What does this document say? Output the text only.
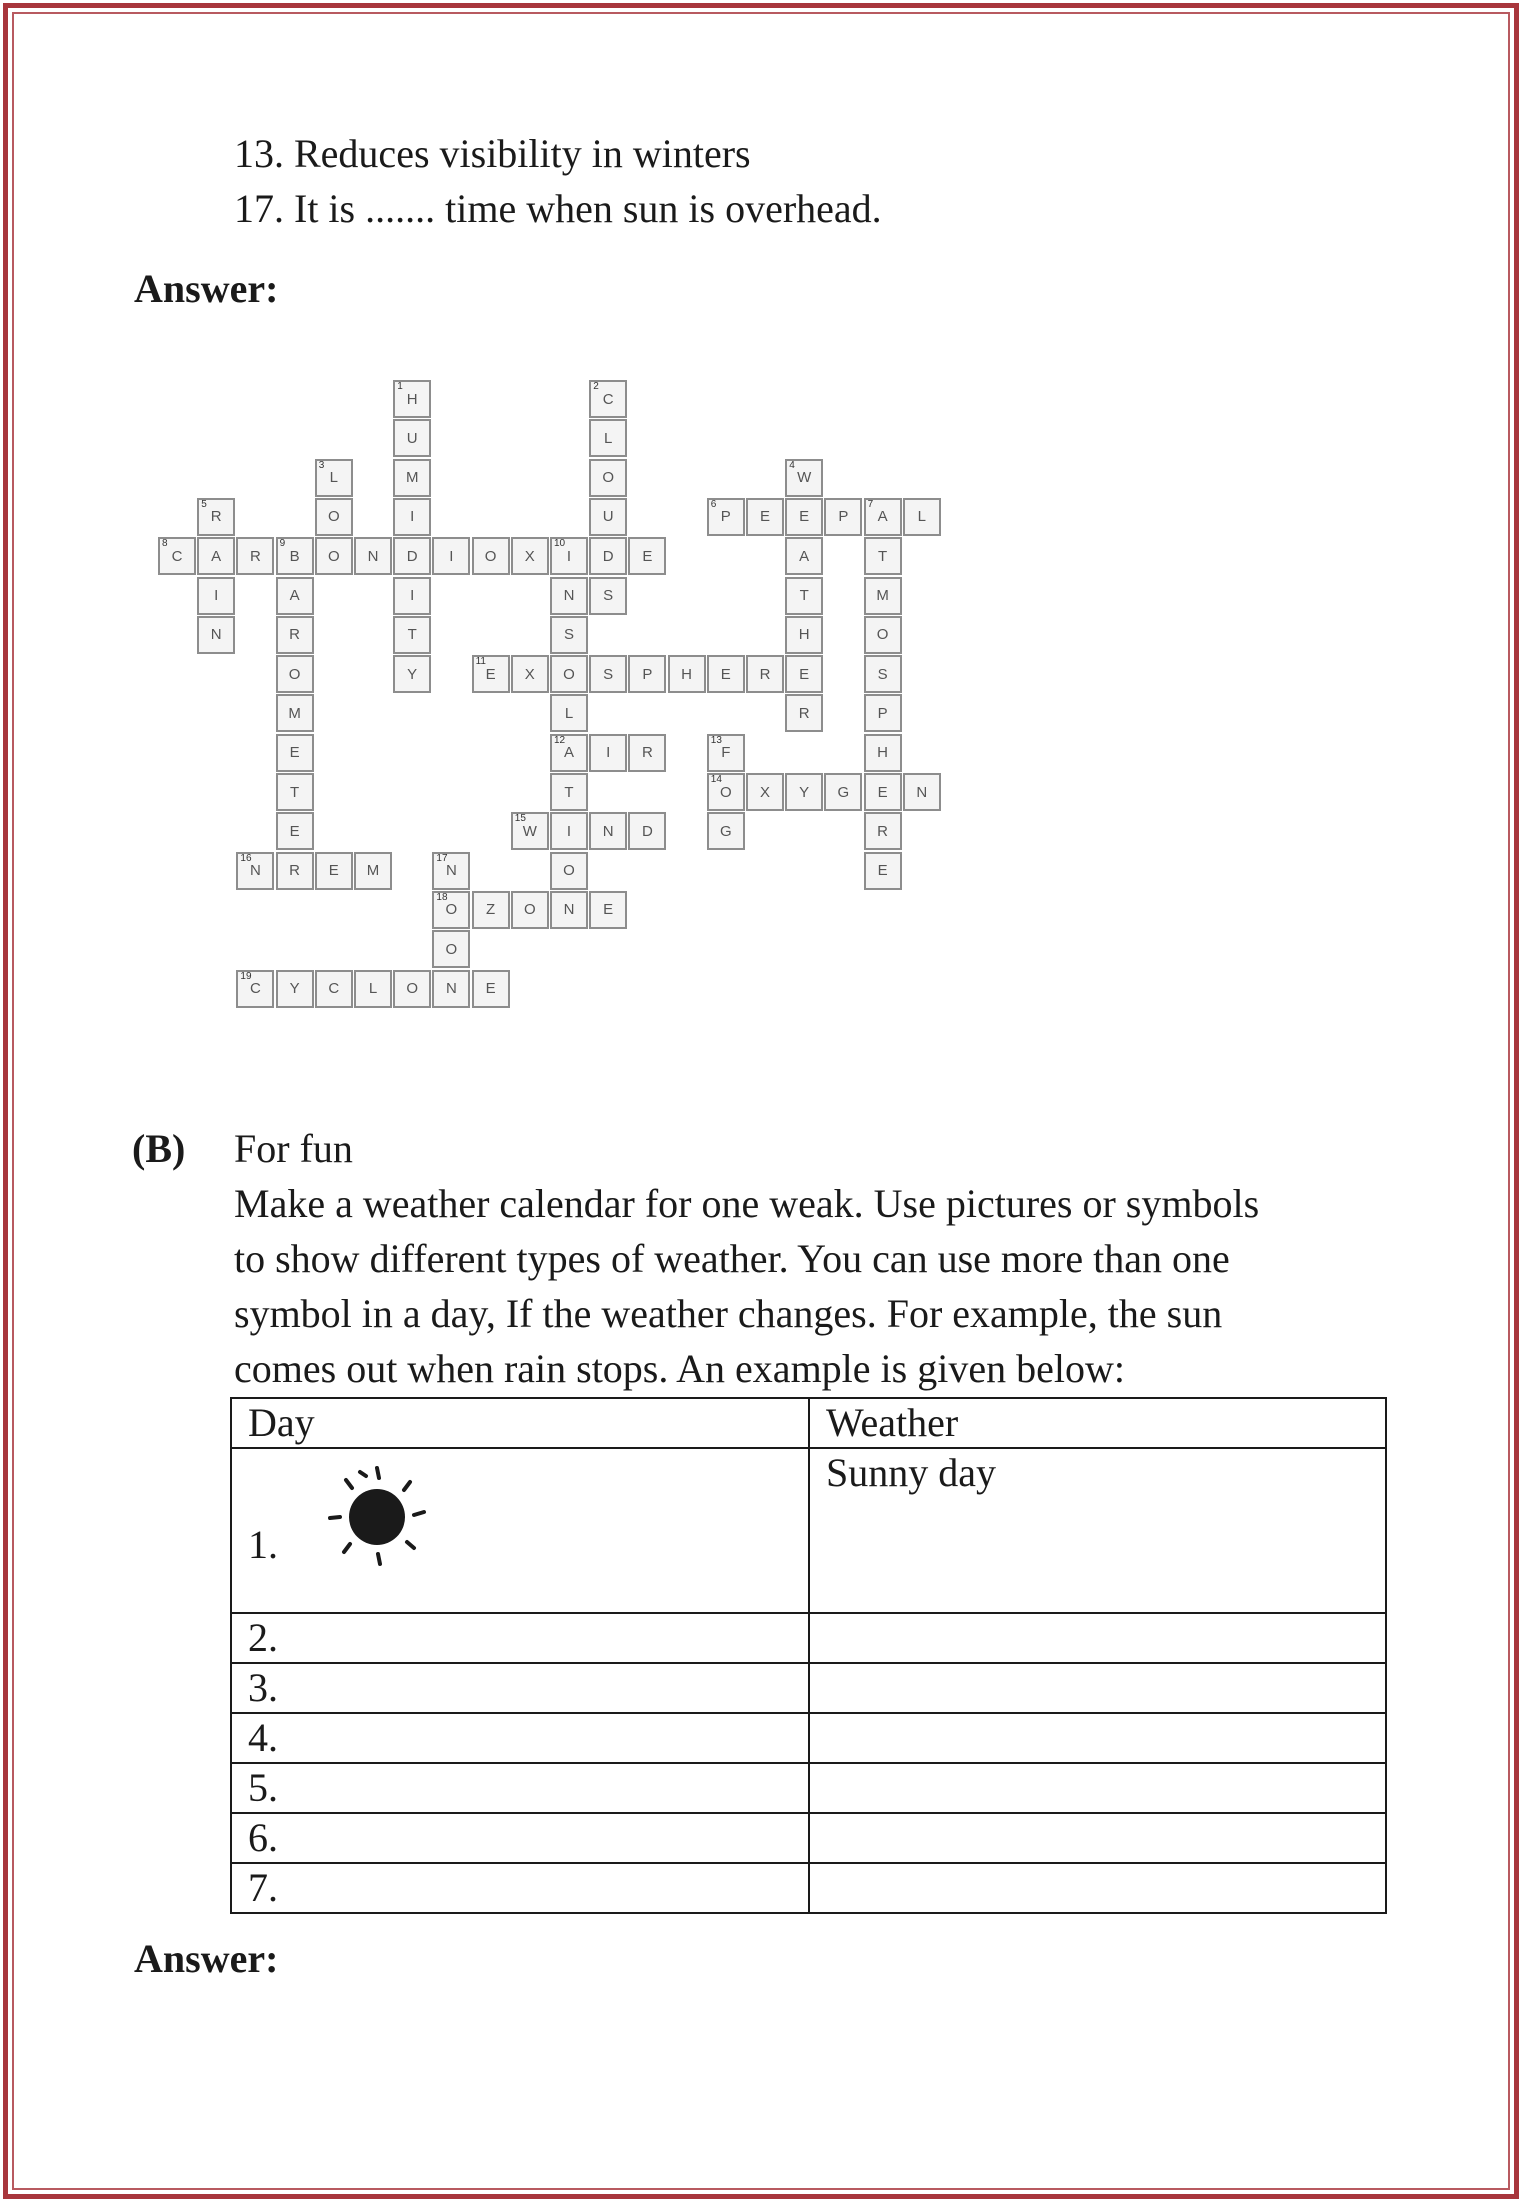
13. Reduces visibility in winters
17. It is ....... time when sun is overhead.
Answer:
H
1
U
M
I
D
I
T
Y
C
2
L
O
U
D
S
L
3
O
O
W
4
E
A
T
H
E
R
R
5
A
I
N
P
6
E	P	A
7
L
T
M
O
S
P
H
E
R
E
C
8
R	B
9
N	I	O	X	I
10
E
A
R
O
M
E
T
E
R
N
S
O
L
A
12
T
I
O
N
E
11
X	S	P	H	E	R
I	R	F
13
O
14
G
X	Y	G	N
W
15
N	D
N
16
E	M	N
17
O
18
O
N
Z	O	E
C
19
Y	C	L	O	E
(B) For fun
Make a weather calendar for one weak. Use pictures or symbols
to show different types of weather. You can use more than one
symbol in a day, If the weather changes. For example, the sun
comes out when rain stops. An example is given below:
Day	Weather
1.	Sunny day
2.	
3.	
4.	
5.	
6.	
7.	
Answer:
